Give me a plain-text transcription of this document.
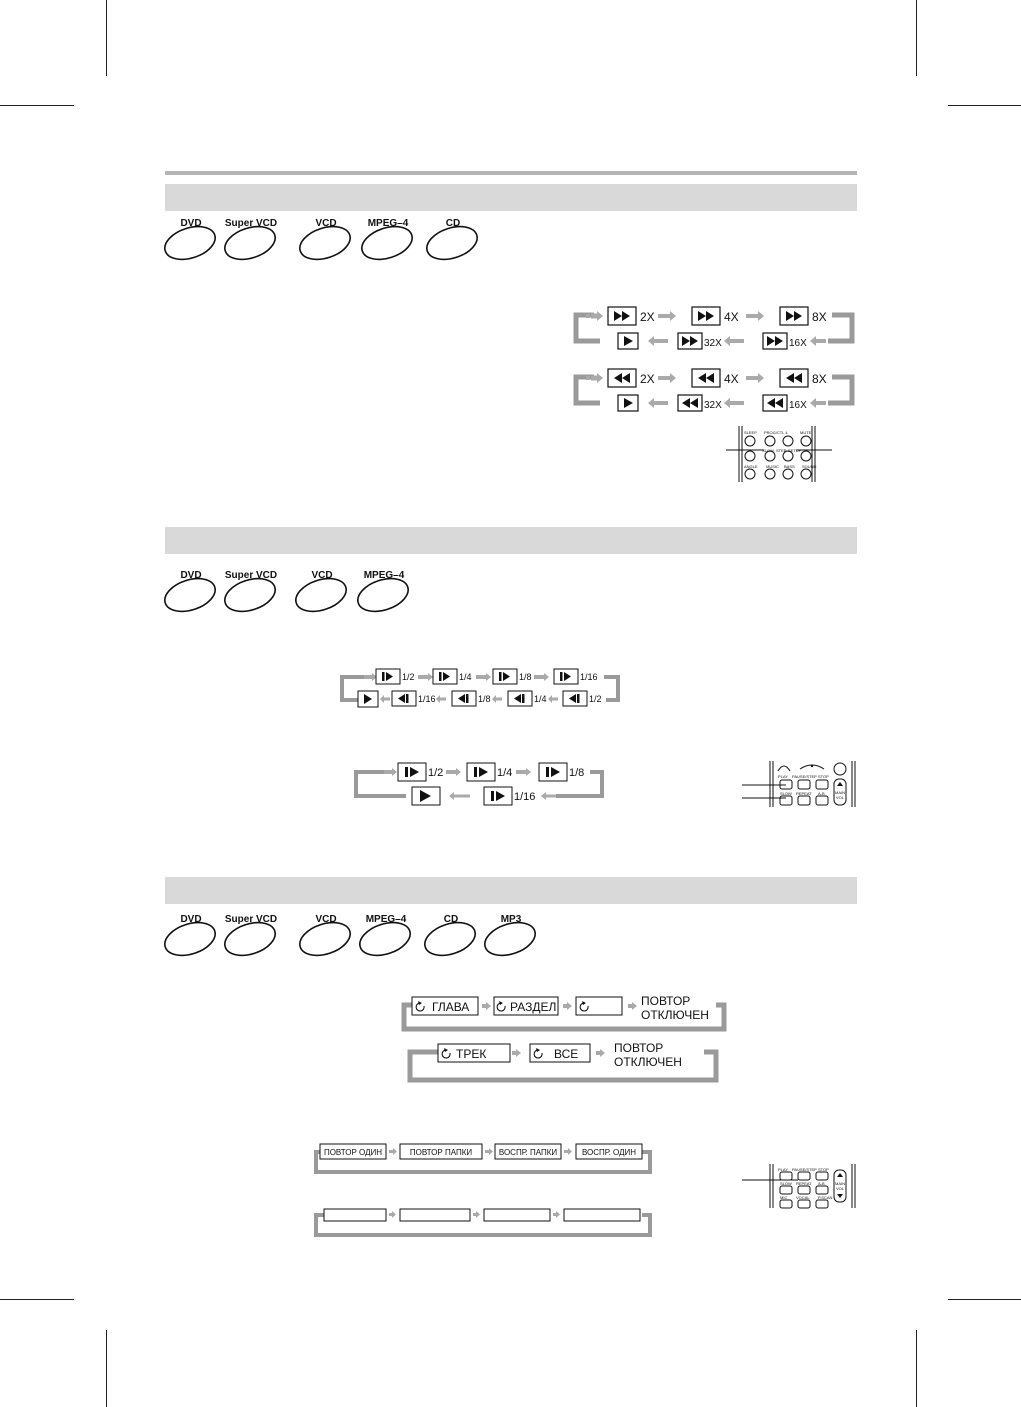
DVD	Super VCD	VCD	MPEG–4	CD
2X	4X	8X
32X	16X
2X	4X	8X
32X	16X
SLEEP PROG/CTL 4	MUTE
SLOW STEP SETUP
ANGLE MUSIC BASS SOUND
DVD	Super VCD	VCD	MPEG–4
1/2	1/4	1/8	1/16
1/16	1/8	1/4	1/2
1/2	1/4	1/8
1/16
PLAY PAUSE/STEP STOP
SLOW REPEAT A-B	MAIN
VOL
DVD	Super VCD	VCD	MPEG–4	CD	MP3
ГЛАВА	РАЗДЕЛ	ПОВТОР
ОТКЛЮЧЕН
ТРЕК	ВСЕ	ПОВТОР
ОТКЛЮЧЕН
ПОВТОР ОДИН	ПОВТОР ПАПКИ	ВОСПР. ПАПКИ	ВОСПР. ОДИН
PLAY PAUSE/STEP STOP
SLOW REPEAT A-B
MIC VOCAL P.SCAN
MAIN
VOL
